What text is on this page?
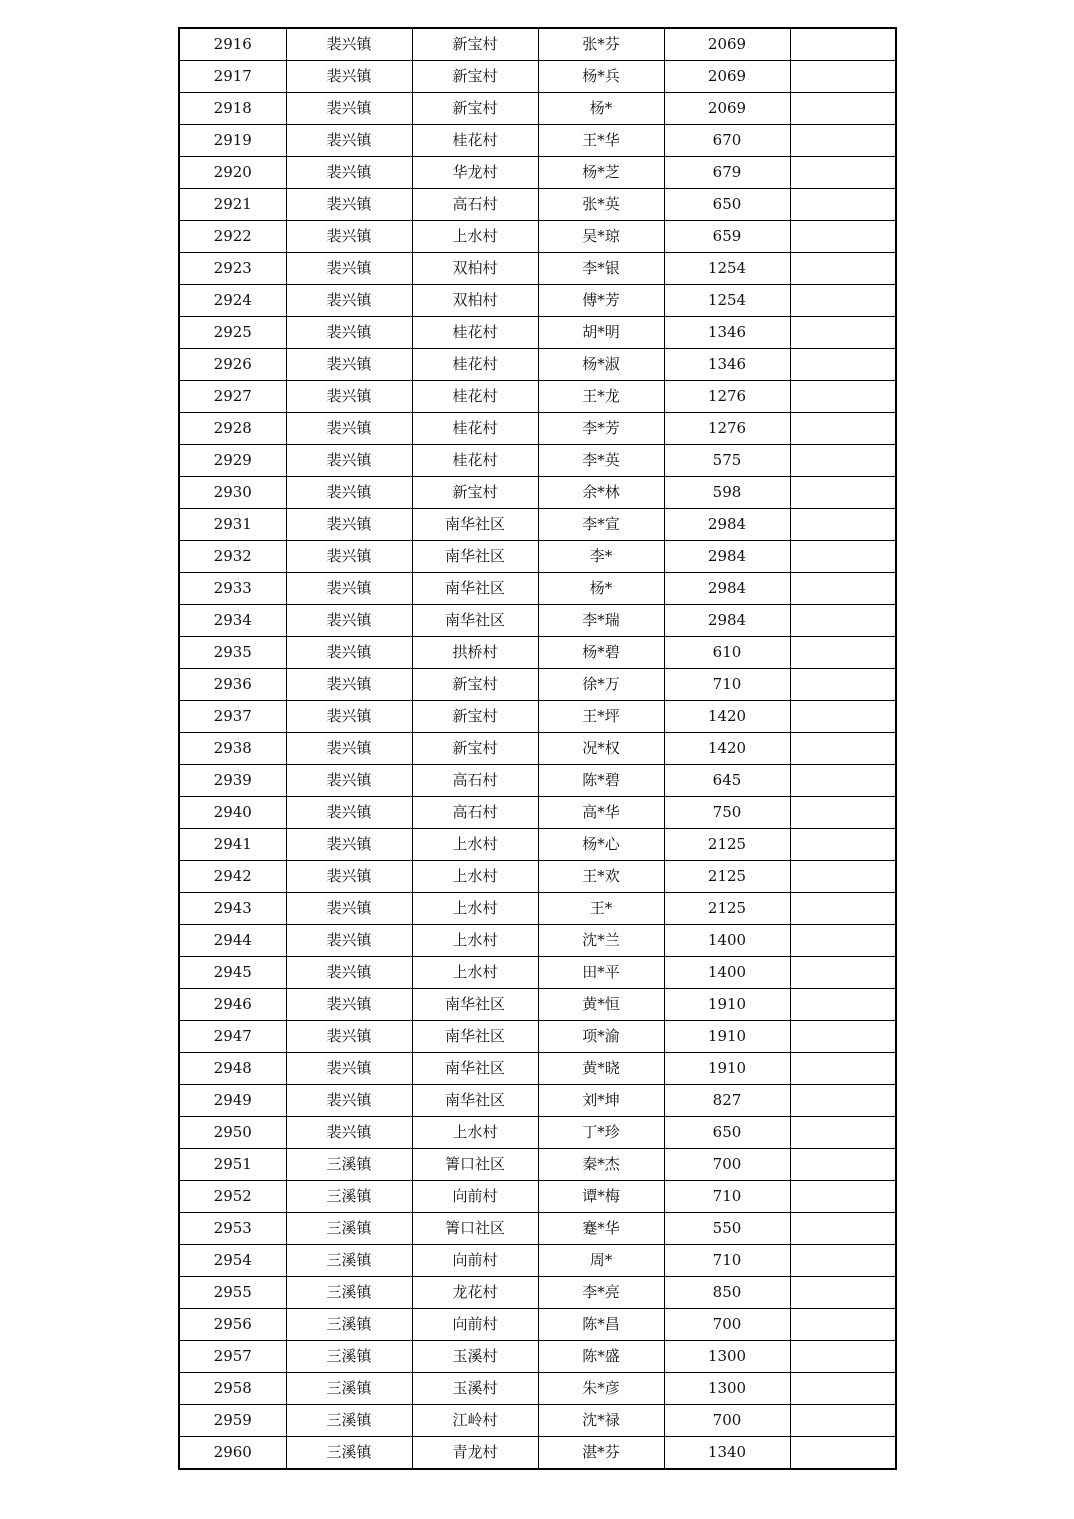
2916	裴兴镇	新宝村	张*芬	2069	
2917	裴兴镇	新宝村	杨*兵	2069	
2918	裴兴镇	新宝村	杨*	2069	
2919	裴兴镇	桂花村	王*华	670	
2920	裴兴镇	华龙村	杨*芝	679	
2921	裴兴镇	高石村	张*英	650	
2922	裴兴镇	上水村	吴*琼	659	
2923	裴兴镇	双柏村	李*银	1254	
2924	裴兴镇	双柏村	傅*芳	1254	
2925	裴兴镇	桂花村	胡*明	1346	
2926	裴兴镇	桂花村	杨*淑	1346	
2927	裴兴镇	桂花村	王*龙	1276	
2928	裴兴镇	桂花村	李*芳	1276	
2929	裴兴镇	桂花村	李*英	575	
2930	裴兴镇	新宝村	余*林	598	
2931	裴兴镇	南华社区	李*宣	2984	
2932	裴兴镇	南华社区	李*	2984	
2933	裴兴镇	南华社区	杨*	2984	
2934	裴兴镇	南华社区	李*瑞	2984	
2935	裴兴镇	拱桥村	杨*碧	610	
2936	裴兴镇	新宝村	徐*万	710	
2937	裴兴镇	新宝村	王*坪	1420	
2938	裴兴镇	新宝村	况*权	1420	
2939	裴兴镇	高石村	陈*碧	645	
2940	裴兴镇	高石村	高*华	750	
2941	裴兴镇	上水村	杨*心	2125	
2942	裴兴镇	上水村	王*欢	2125	
2943	裴兴镇	上水村	王*	2125	
2944	裴兴镇	上水村	沈*兰	1400	
2945	裴兴镇	上水村	田*平	1400	
2946	裴兴镇	南华社区	黄*恒	1910	
2947	裴兴镇	南华社区	项*渝	1910	
2948	裴兴镇	南华社区	黄*晓	1910	
2949	裴兴镇	南华社区	刘*坤	827	
2950	裴兴镇	上水村	丁*珍	650	
2951	三溪镇	箐口社区	秦*杰	700	
2952	三溪镇	向前村	谭*梅	710	
2953	三溪镇	箐口社区	蹇*华	550	
2954	三溪镇	向前村	周*	710	
2955	三溪镇	龙花村	李*亮	850	
2956	三溪镇	向前村	陈*昌	700	
2957	三溪镇	玉溪村	陈*盛	1300	
2958	三溪镇	玉溪村	朱*彦	1300	
2959	三溪镇	江岭村	沈*禄	700	
2960	三溪镇	青龙村	湛*芬	1340	
